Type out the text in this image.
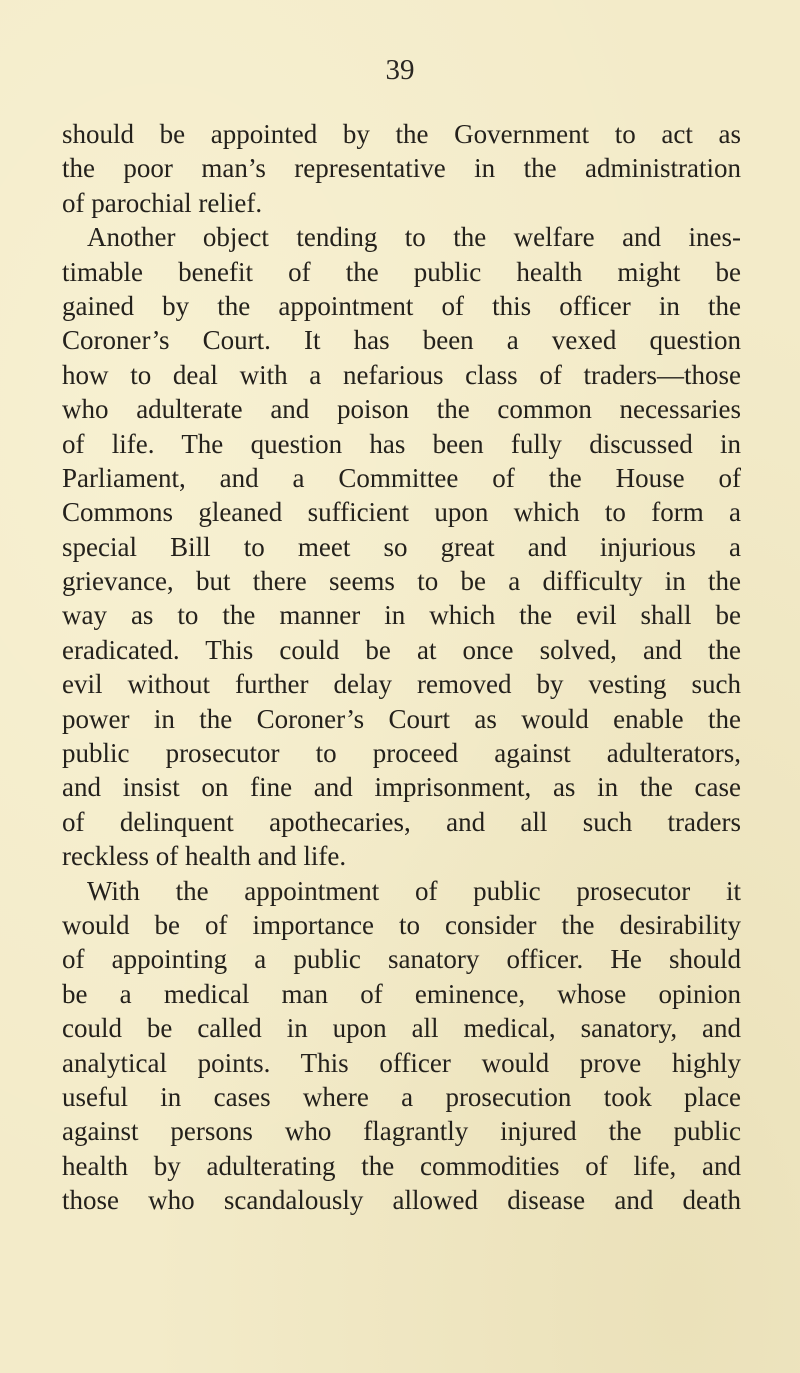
39
should be appointed by the Government to act as
the poor man’s representative in the administration
of parochial relief.
Another object tending to the welfare and ines-
timable benefit of the public health might be
gained by the appointment of this officer in the
Coroner’s Court. It has been a vexed question
how to deal with a nefarious class of traders—those
who adulterate and poison the common necessaries
of life. The question has been fully discussed in
Parliament, and a Committee of the House of
Commons gleaned sufficient upon which to form a
special Bill to meet so great and injurious a
grievance, but there seems to be a difficulty in the
way as to the manner in which the evil shall be
eradicated. This could be at once solved, and the
evil without further delay removed by vesting such
power in the Coroner’s Court as would enable the
public prosecutor to proceed against adulterators,
and insist on fine and imprisonment, as in the case
of delinquent apothecaries, and all such traders
reckless of health and life.
With the appointment of public prosecutor it
would be of importance to consider the desirability
of appointing a public sanatory officer. He should
be a medical man of eminence, whose opinion
could be called in upon all medical, sanatory, and
analytical points. This officer would prove highly
useful in cases where a prosecution took place
against persons who flagrantly injured the public
health by adulterating the commodities of life, and
those who scandalously allowed disease and death
